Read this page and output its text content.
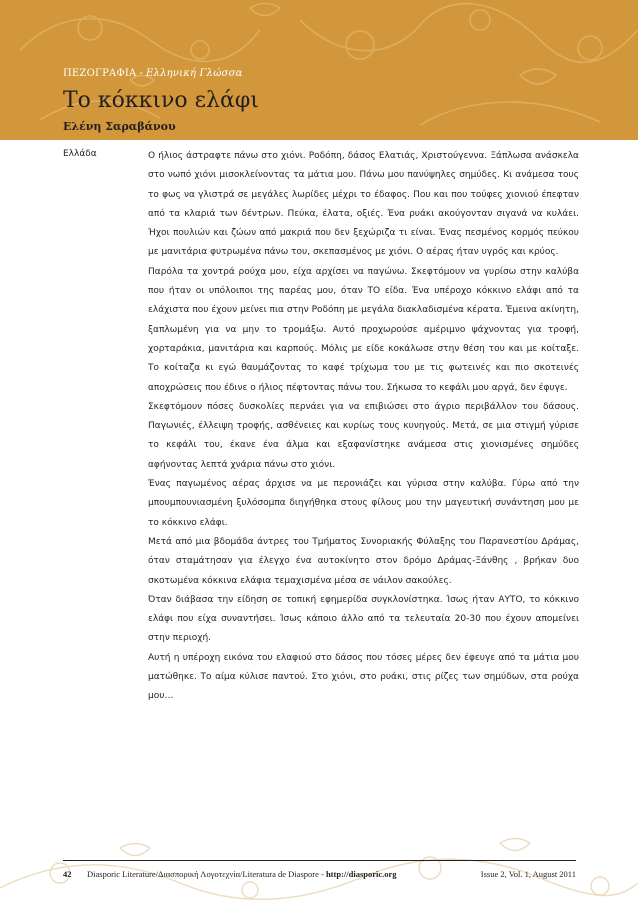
ΠΕΖΟΓΡΑΦΙΑ - Ελληνική Γλώσσα
Το κόκκινο ελάφι
Ελένη Σαραβάνου
Ελλάδα	Ο ήλιος άστραφτε πάνω στο χιόνι. Ροδόπη, δάσος Ελατιάς, Χριστούγεννα. Ξάπλωσα ανάσκελα στο νωπό χιόνι μισοκλείνοντας τα μάτια μου. Πάνω μου πανύψηλες σημύδες. Κι ανάμεσα τους το φως να γλιστρά σε μεγάλες λωρίδες μέχρι το έδαφος. Που και που τούφες χιονιού έπεφταν από τα κλαριά των δέντρων. Πεύκα, έλατα, οξιές. Ένα ρυάκι ακούγονταν σιγανά να κυλάει. Ήχοι πουλιών και ζώων από μακριά που δεν ξεχώριζα τι είναι. Ένας πεσμένος κορμός πεύκου με μανιτάρια φυτρωμένα πάνω του, σκεπασμένος με χιόνι. Ο αέρας ήταν υγρός και κρύος.

Παρόλα τα χοντρά ρούχα μου, είχα αρχίσει να παγώνω. Σκεφτόμουν να γυρίσω στην καλύβα που ήταν οι υπόλοιποι της παρέας μου, όταν ΤΟ είδα. Ένα υπέροχο κόκκινο ελάφι από τα ελάχιστα που έχουν μείνει πια στην Ροδόπη με μεγάλα διακλαδισμένα κέρατα. Έμεινα ακίνητη, ξαπλωμένη για να μην το τρομάξω. Αυτό προχωρούσε αμέριμνο ψάχνοντας για τροφή, χορταράκια, μανιτάρια και καρπούς. Μόλις με είδε κοκάλωσε στην θέση του και με κοίταξε. Το κοίταζα κι εγώ θαυμάζοντας το καφέ τρίχωμα του με τις φωτεινές και πιο σκοτεινές αποχρώσεις που έδινε ο ήλιος πέφτοντας πάνω του. Σήκωσα το κεφάλι μου αργά, δεν έφυγε.

Σκεφτόμουν πόσες δυσκολίες περνάει για να επιβιώσει στο άγριο περιβάλλον του δάσους. Παγωνιές, έλλειψη τροφής, ασθένειες και κυρίως τους κυνηγούς. Μετά, σε μια στιγμή γύρισε το κεφάλι του, έκανε ένα άλμα και εξαφανίστηκε ανάμεσα στις χιονισμένες σημύδες αφήνοντας λεπτά χνάρια πάνω στο χιόνι.

Ένας παγωμένος αέρας άρχισε να με περονιάζει και γύρισα στην καλύβα. Γύρω από την μπουμπουνιασμένη ξυλόσομπα διηγήθηκα στους φίλους μου την μαγευτική συνάντηση μου με το κόκκινο ελάφι.

Μετά από μια βδομάδα άντρες του Τμήματος Συνοριακής Φύλαξης του Παρανεστίου Δράμας, όταν σταμάτησαν για έλεγχο ένα αυτοκίνητο στον δρόμο Δράμας-Ξάνθης , βρήκαν δυο σκοτωμένα κόκκινα ελάφια τεμαχισμένα μέσα σε νάιλον σακούλες.

Όταν διάβασα την είδηση σε τοπική εφημερίδα συγκλονίστηκα. Ίσως ήταν ΑΥΤΟ, το κόκκινο ελάφι που είχα συναντήσει. Ίσως κάποιο άλλο από τα τελευταία 20-30 που έχουν απομείνει στην περιοχή.

Αυτή η υπέροχη εικόνα του ελαφιού στο δάσος που τόσες μέρες δεν έφευγε από τα μάτια μου ματώθηκε. Το αίμα κύλισε παντού. Στο χιόνι, στο ρυάκι, στις ρίζες των σημύδων, στα ρούχα μου…

42 Diasporic Literature/Διασπορική Λογοτεχνία/Literatura de Diaspore - http://diasporic.org	Issue 2, Vol. 1, August 2011
